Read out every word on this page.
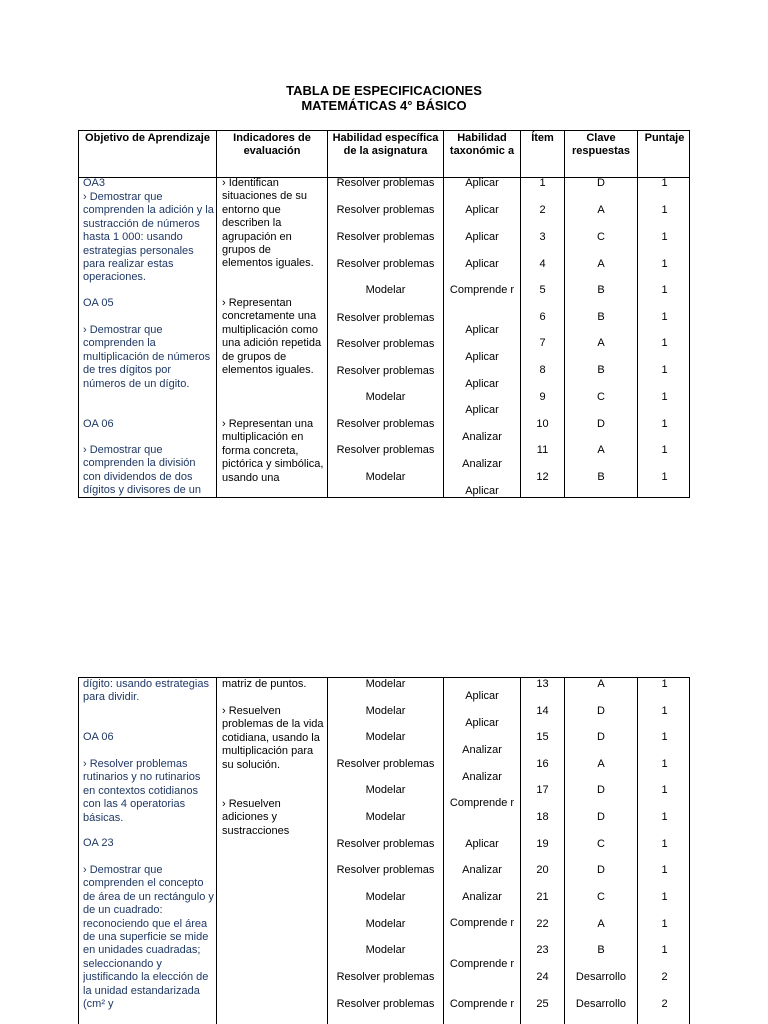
TABLA DE ESPECIFICACIONES
MATEMÁTICAS 4° BÁSICO
Objetivo de Aprendizaje	Indicadores de evaluación
Habilidad específica de la asignatura
Habilidad taxonómic a
Ítem	Clave respuestas
Puntaje
OA3
› Demostrar que comprenden la adición y la sustracción de números hasta 1 000: usando estrategias personales para realizar estas operaciones.
OA 05
› Demostrar que comprenden la multiplicación de números de tres dígitos por números de un dígito.
OA 06
› Demostrar que comprenden la división con dividendos de dos dígitos y divisores de un
› Identifican situaciones de su entorno que describen la agrupación en grupos de elementos iguales.
› Representan concretamente una multiplicación como una adición repetida de grupos de elementos iguales.
› Representan una multiplicación en forma concreta, pictórica y simbólica, usando una
Resolver problemas
Resolver problemas
Resolver problemas
Resolver problemas
Modelar
Resolver problemas
Resolver problemas
Resolver problemas
Modelar
Resolver problemas
Resolver problemas
Modelar
Aplicar
Aplicar
Aplicar
Aplicar
Comprende r
Aplicar
Aplicar
Aplicar
Aplicar
Analizar
Analizar
Aplicar
1
2
3
4
5
6
7
8
9
10
11
12
D
A
C
A
B
B
A
B
C
D
A
B
1
1
1
1
1
1
1
1
1
1
1
1
dígito: usando estrategias para dividir.
OA 06
› Resolver problemas rutinarios y no rutinarios en contextos cotidianos con las 4 operatorias básicas.
OA 23
› Demostrar que comprenden el concepto de área de un rectángulo y de un cuadrado: reconociendo que el área de una superficie se mide en unidades cuadradas; seleccionando y justificando la elección de la unidad estandarizada (cm² y
matriz de puntos.
› Resuelven problemas de la vida cotidiana, usando la multiplicación para su solución.
› Resuelven adiciones y sustracciones
Modelar
Modelar
Modelar
Resolver problemas
Modelar
Modelar
Resolver problemas
Resolver problemas
Modelar
Modelar
Modelar
Resolver problemas
Resolver problemas
Aplicar
Aplicar
Analizar
Analizar
Comprende r
Aplicar
Analizar
Analizar
Comprende r
Comprende r
Comprende r
13
14
15
16
17
18
19
20
21
22
23
24
25
A
D
D
A
D
D
C
D
C
A
B
Desarrollo
Desarrollo
1
1
1
1
1
1
1
1
1
1
1
2
2
